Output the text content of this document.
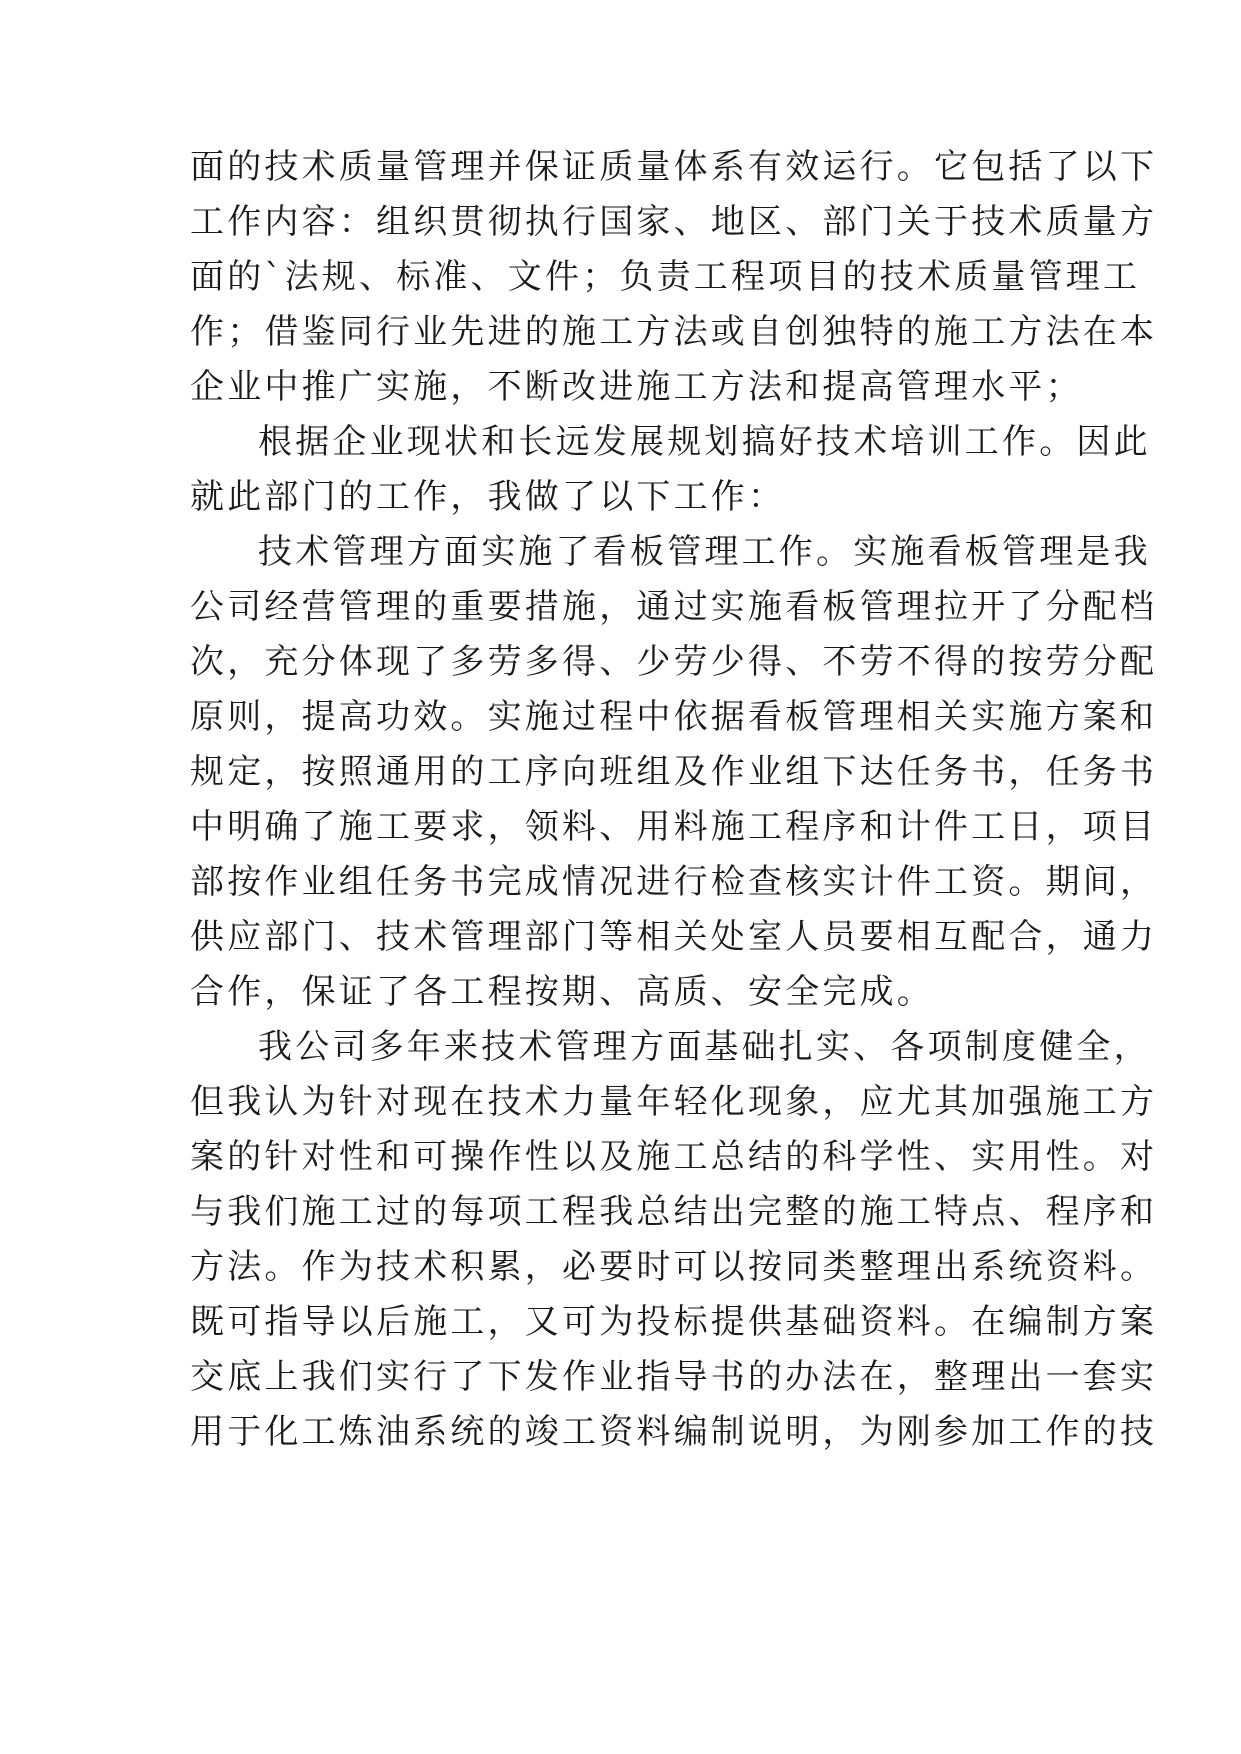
面的技术质量管理并保证质量体系有效运行。它包括了以下

工作内容：组织贯彻执行国家、地区、部门关于技术质量方

面的`法规、标准、文件；负责工程项目的技术质量管理工

作；借鉴同行业先进的施工方法或自创独特的施工方法在本

企业中推广实施，不断改进施工方法和提高管理水平；

根据企业现状和长远发展规划搞好技术培训工作。因此

就此部门的工作，我做了以下工作：

技术管理方面实施了看板管理工作。实施看板管理是我

公司经营管理的重要措施，通过实施看板管理拉开了分配档

次，充分体现了多劳多得、少劳少得、不劳不得的按劳分配

原则，提高功效。实施过程中依据看板管理相关实施方案和

规定，按照通用的工序向班组及作业组下达任务书，任务书

中明确了施工要求，领料、用料施工程序和计件工日，项目

部按作业组任务书完成情况进行检查核实计件工资。期间，

供应部门、技术管理部门等相关处室人员要相互配合，通力

合作，保证了各工程按期、高质、安全完成。

我公司多年来技术管理方面基础扎实、各项制度健全，

但我认为针对现在技术力量年轻化现象，应尤其加强施工方

案的针对性和可操作性以及施工总结的科学性、实用性。对

与我们施工过的每项工程我总结出完整的施工特点、程序和

方法。作为技术积累，必要时可以按同类整理出系统资料。

既可指导以后施工，又可为投标提供基础资料。在编制方案

交底上我们实行了下发作业指导书的办法在，整理出一套实

用于化工炼油系统的竣工资料编制说明，为刚参加工作的技
